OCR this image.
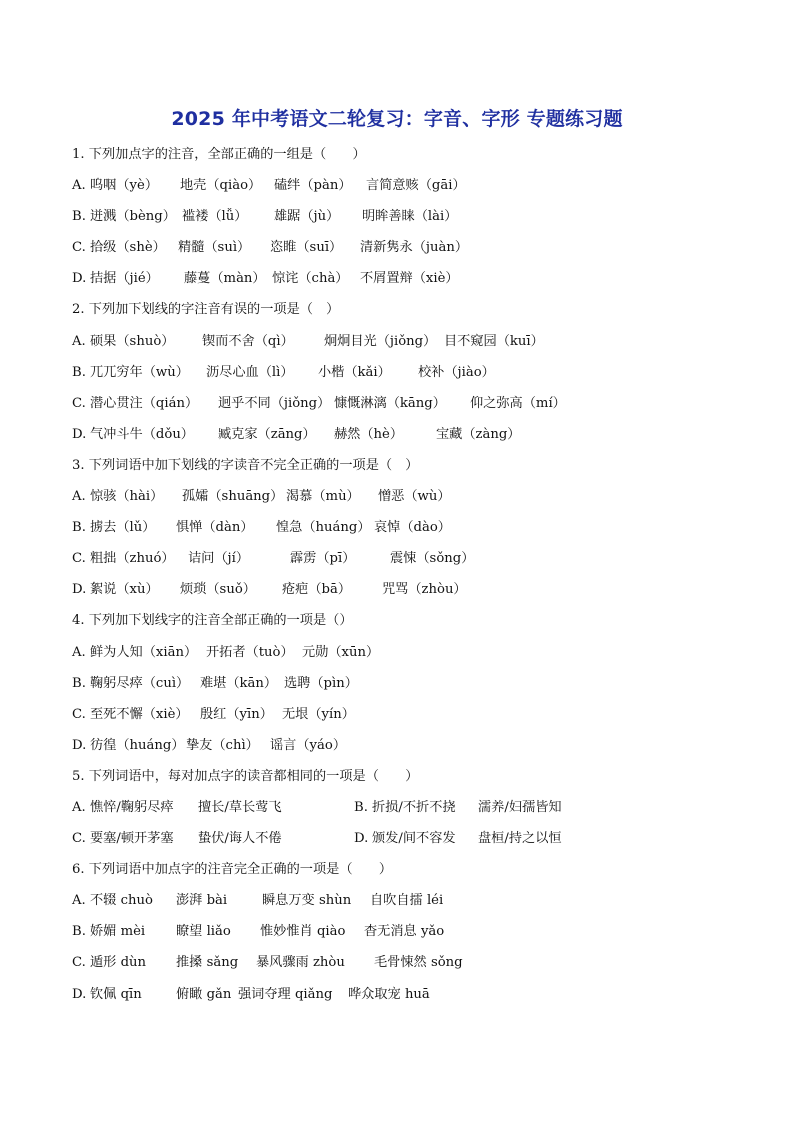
2025 年中考语文二轮复习：字音、字形 专题练习题
1. 下列加点字的注音，全部正确的一组是（　　）
A. 呜咽（yè）	地壳（qiào） 磕绊（pàn）	言简意赅（gāi）
B. 迸溅（bèng） 褴褛（lǚ）	雄踞（jù）	明眸善睐（lài）
C. 拾级（shè） 精髓（suì）	恣睢（suī）	清新隽永（juàn）
D. 拮据（jié）	藤蔓（màn） 惊诧（chà） 不屑置辩（xiè）
2. 下列加下划线的字注音有误的一项是（　）
A. 硕果（shuò）	锲而不舍（qì）	炯炯目光（jiǒng） 目不窥园（kuī）
B. 兀兀穷年（wù）	沥尽心血（lì）	小楷（kǎi）	校补（jiào）
C. 潜心贯注（qián）	迥乎不同（jiǒng） 慷慨淋漓（kāng）	仰之弥高（mí）
D. 气冲斗牛（dǒu）	臧克家（zāng）	赫然（hè）	宝藏（zàng）
3. 下列词语中加下划线的字读音不完全正确的一项是（　）
A. 惊骇（hài）	孤孀（shuāng） 渴慕（mù）	憎恶（wù）
B. 掳去（lǔ）	惧惮（dàn）	惶急（huáng） 哀悼（dào）
C. 粗拙（zhuó）	诘问（jí）	霹雳（pī）	震悚（sǒng）
D. 絮说（xù）	烦琐（suǒ）	疮疤（bā）	咒骂（zhòu）
4. 下列加下划线字的注音全部正确的一项是（）
A. 鲜为人知（xiān） 开拓者（tuò） 元勋（xūn）
B. 鞠躬尽瘁（cuì） 难堪（kān） 选聘（pìn）
C. 至死不懈（xiè） 殷红（yīn） 无垠（yín）
D. 彷徨（huáng） 挚友（chì） 谣言（yáo）
5. 下列词语中，每对加点字的读音都相同的一项是（　　）
A. 憔悴/鞠躬尽瘁	擅长/草长莺飞	B. 折损/不折不挠	濡养/妇孺皆知
C. 要塞/顿开茅塞	蛰伏/诲人不倦	D. 颁发/间不容发	盘桓/持之以恒
6. 下列词语中加点字的注音完全正确的一项是（　　）
A. 不辍 chuò	澎湃 bài	瞬息万变 shùn	自吹自擂 léi
B. 娇媚 mèi	瞭望 liǎo	惟妙惟肖 qiào	杳无消息 yǎo
C. 遁形 dùn	推搡 sǎng	暴风骤雨 zhòu	毛骨悚然 sǒng
D. 钦佩 qīn	俯瞰 gǎn 强词夺理 qiǎng	哗众取宠 huā
